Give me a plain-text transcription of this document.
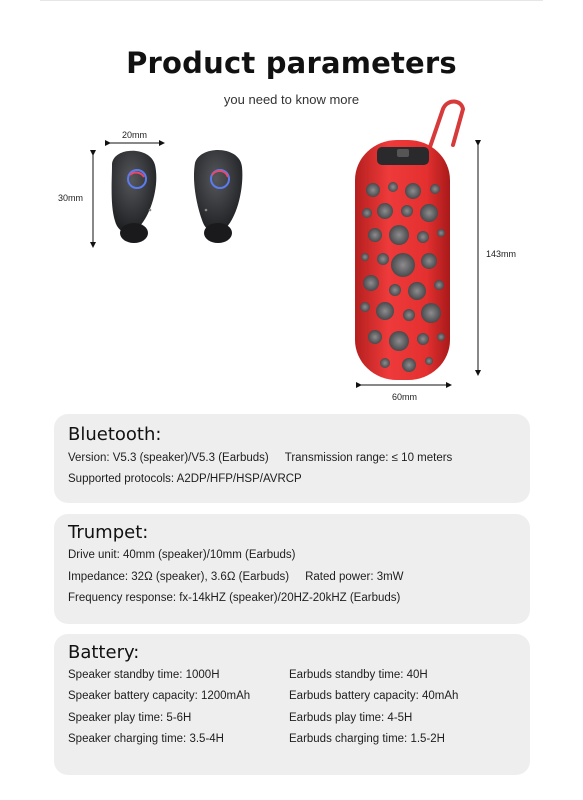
Product parameters
you need to know more
20mm
30mm
143mm
60mm
Bluetooth:
Version: V5.3 (speaker)/V5.3 (Earbuds) Transmission range: ≤ 10 meters
Supported protocols: A2DP/HFP/HSP/AVRCP
Trumpet:
Drive unit: 40mm (speaker)/10mm (Earbuds)
Impedance: 32Ω (speaker), 3.6Ω (Earbuds) Rated power: 3mW
Frequency response: fx-14kHZ (speaker)/20HZ-20kHZ (Earbuds)
Battery:
Speaker standby time: 1000H	Earbuds standby time: 40H
Speaker battery capacity: 1200mAh	Earbuds battery capacity: 40mAh
Speaker play time: 5-6H	Earbuds play time: 4-5H
Speaker charging time: 3.5-4H	Earbuds charging time: 1.5-2H
